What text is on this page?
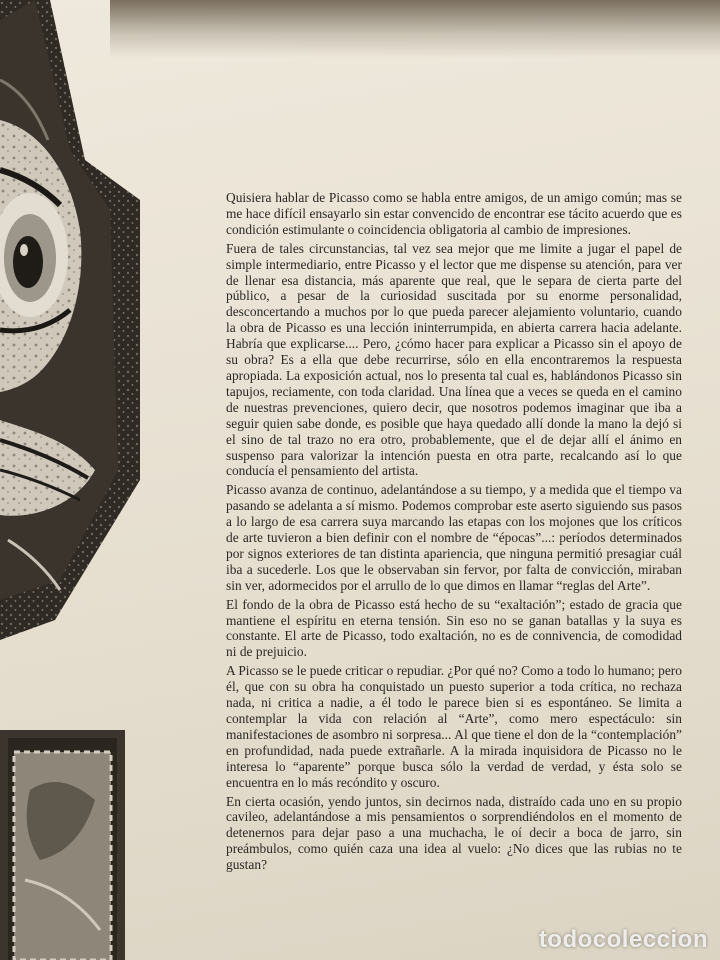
Quisiera hablar de Picasso como se habla entre amigos, de un amigo común; mas se me hace difícil ensayarlo sin estar convencido de encontrar ese tácito acuerdo que es condición estimulante o coincidencia obligatoria al cambio de impresiones.

Fuera de tales circunstancias, tal vez sea mejor que me limite a jugar el papel de simple intermediario, entre Picasso y el lector que me dispense su atención, para ver de llenar esa distancia, más aparente que real, que le separa de cierta parte del público, a pesar de la curiosidad suscitada por su enorme personalidad, desconcertando a muchos por lo que pueda parecer alejamiento voluntario, cuando la obra de Picasso es una lección ininterrumpida, en abierta carrera hacia adelante. Habría que explicarse.... Pero, ¿cómo hacer para explicar a Picasso sin el apoyo de su obra? Es a ella que debe recurrirse, sólo en ella encontraremos la respuesta apropiada. La exposición actual, nos lo presenta tal cual es, hablándonos Picasso sin tapujos, reciamente, con toda claridad. Una línea que a veces se queda en el camino de nuestras prevenciones, quiero decir, que nosotros podemos imaginar que iba a seguir quien sabe donde, es posible que haya quedado allí donde la mano la dejó si el sino de tal trazo no era otro, probablemente, que el de dejar allí el ánimo en suspenso para valorizar la intención puesta en otra parte, recalcando así lo que conducía el pensamiento del artista.

Picasso avanza de continuo, adelantándose a su tiempo, y a medida que el tiempo va pasando se adelanta a sí mismo. Podemos comprobar este aserto siguiendo sus pasos a lo largo de esa carrera suya marcando las etapas con los mojones que los críticos de arte tuvieron a bien definir con el nombre de “épocas”...: períodos determinados por signos exteriores de tan distinta apariencia, que ninguna permitió presagiar cuál iba a sucederle. Los que le observaban sin fervor, por falta de convicción, miraban sin ver, adormecidos por el arrullo de lo que dimos en llamar “reglas del Arte”.

El fondo de la obra de Picasso está hecho de su “exaltación”; estado de gracia que mantiene el espíritu en eterna tensión. Sin eso no se ganan batallas y la suya es constante. El arte de Picasso, todo exaltación, no es de connivencia, de comodidad ni de prejuicio.

A Picasso se le puede criticar o repudiar. ¿Por qué no? Como a todo lo humano; pero él, que con su obra ha conquistado un puesto superior a toda crítica, no rechaza nada, ni critica a nadie, a él todo le parece bien si es espontáneo. Se limita a contemplar la vida con relación al “Arte”, como mero espectáculo: sin manifestaciones de asombro ni sorpresa... Al que tiene el don de la “contemplación” en profundidad, nada puede extrañarle. A la mirada inquisidora de Picasso no le interesa lo “aparente” porque busca sólo la verdad de verdad, y ésta solo se encuentra en lo más recóndito y oscuro.

En cierta ocasión, yendo juntos, sin decirnos nada, distraído cada uno en su propio cavileo, adelantándose a mis pensamientos o sorprendiéndolos en el momento de detenernos para dejar paso a una muchacha, le oí decir a boca de jarro, sin preámbulos, como quién caza una idea al vuelo: ¿No dices que las rubias no te gustan?

todocoleccion
